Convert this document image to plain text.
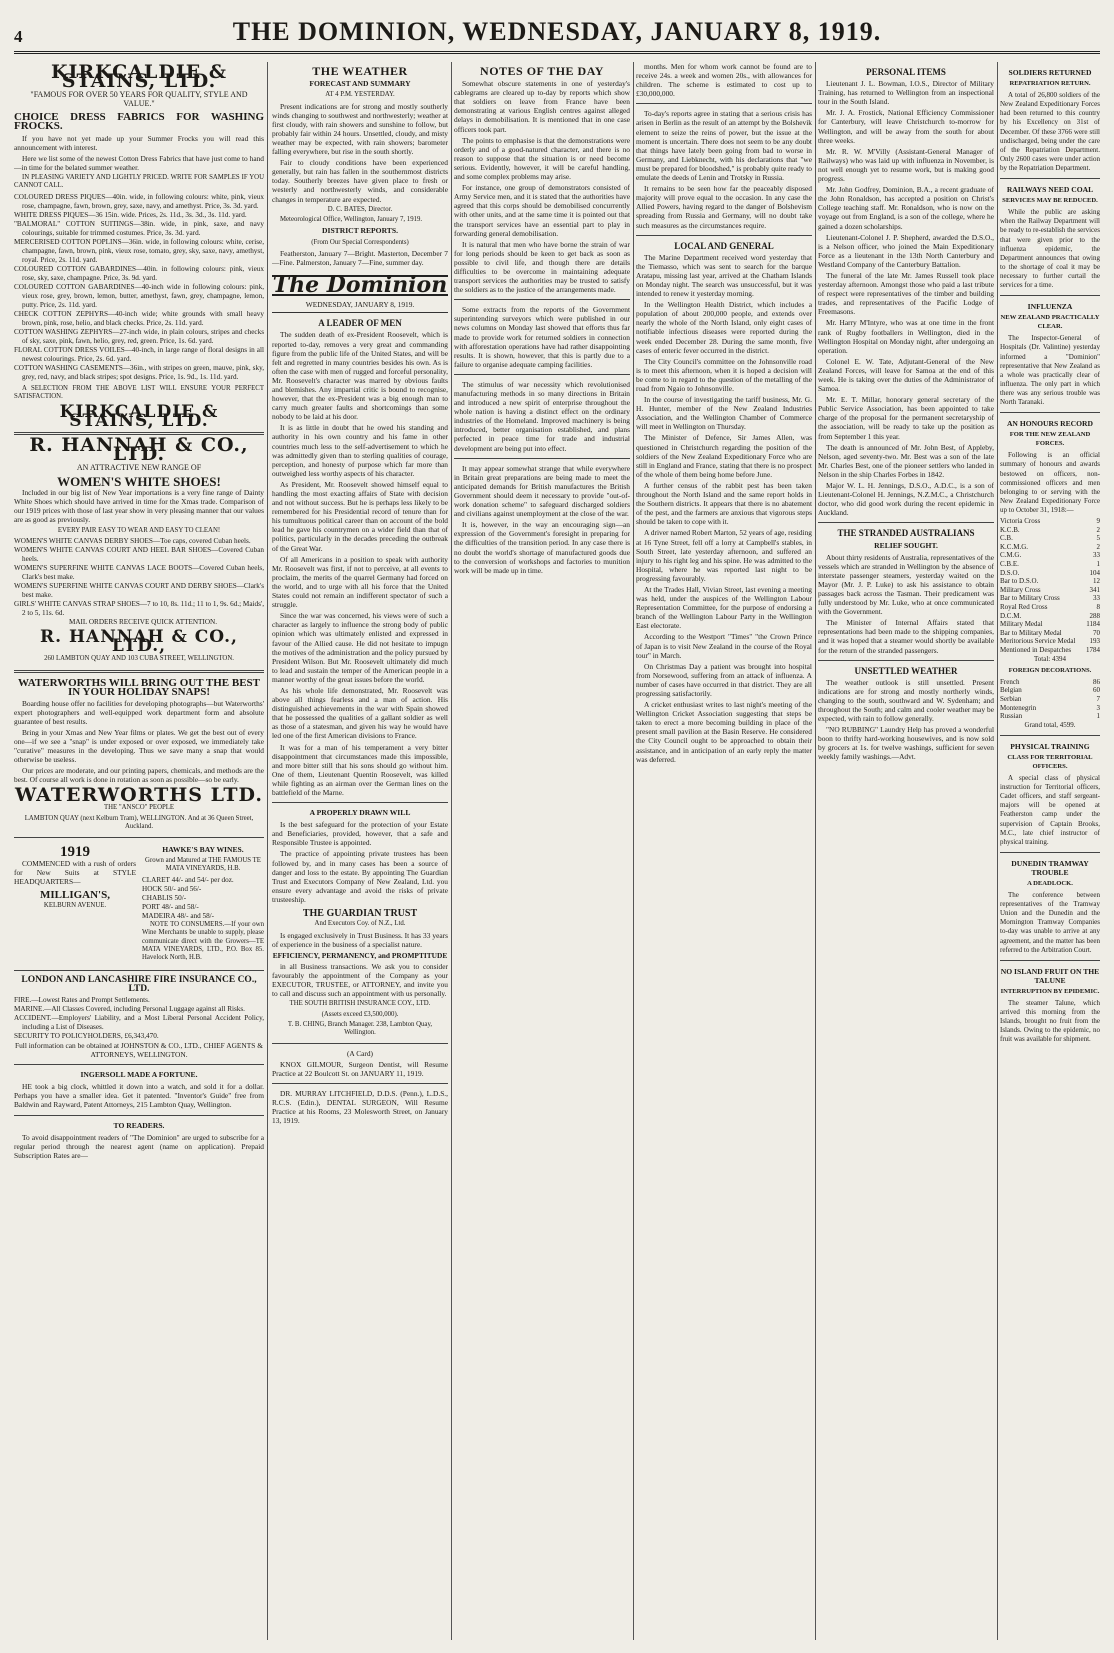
4	THE DOMINION, WEDNESDAY, JANUARY 8, 1919.
KIRKCALDIE & STAINS, LTD.
"FAMOUS FOR OVER 50 YEARS FOR QUALITY, STYLE AND VALUE."
CHOICE DRESS FABRICS FOR WASHING FROCKS.

If you have not yet made up your Summer Frocks you will read this announcement with interest.

Here we list some of the newest Cotton Dress Fabrics that have just come to hand—in time for the belated summer weather.

IN PLEASING VARIETY AND LIGHTLY PRICED. WRITE FOR SAMPLES IF YOU CANNOT CALL.

COLOURED DRESS PIQUES—40in. wide, in following colours: white, pink, vieux rose, champagne, fawn, brown, grey, saxe, navy, and amethyst. Price, 3s. 3d. yard.
WHITE DRESS PIQUES—36 15in. wide. Prices, 2s. 11d., 3s. 3d., 3s. 11d. yard.
"BALMORAL" COTTON SUITINGS—38in. wide, in pink, saxe, and navy colourings, suitable for trimmed costumes. Price, 3s. 3d. yard.
MERCERISED COTTON POPLINS—36in. wide, in following colours: white, cerise, champagne, fawn, brown, pink, vieux rose, tomato, grey, sky, saxe, navy, amethyst, royal. Price, 2s. 11d. yard.
COLOURED COTTON GABARDINES—40in. in following colours: pink, vieux rose, sky, saxe, champagne. Price, 3s. 9d. yard.
COLOURED COTTON GABARDINES—40-inch wide in following colours: pink, vieux rose, grey, brown, lemon, butter, amethyst, fawn, grey, champagne, lemon, putty. Price, 2s. 11d. yard.
CHECK COTTON ZEPHYRS—40-inch wide; white grounds with small heavy brown, pink, rose, helio, and black checks. Price, 2s. 11d. yard.
COTTON WASHING ZEPHYRS—27-inch wide, in plain colours, stripes and checks of sky, saxe, pink, fawn, helio, grey, red, green. Price, 1s. 6d. yard.
FLORAL COTTON DRESS VOILES—40-inch, in large range of floral designs in all newest colourings. Price, 2s. 6d. yard.
COTTON WASHING CASEMENTS—36in., with stripes on green, mauve, pink, sky, grey, red, navy, and black stripes; spot designs. Price, 1s. 9d., 1s. 11d. yard.

A SELECTION FROM THE ABOVE LIST WILL ENSURE YOUR PERFECT SATISFACTION.

KIRKCALDIE & STAINS, LTD.
R. HANNAH & CO., LTD.
AN ATTRACTIVE NEW RANGE OF
WOMEN'S WHITE SHOES!

Included in our big list of New Year importations is a very fine range of Dainty White Shoes which should have arrived in time for the Xmas trade. Comparison of our 1919 prices with those of last year show in very pleasing manner that our values are as good as previously.

EVERY PAIR EASY TO WEAR AND EASY TO CLEAN!

WOMEN'S WHITE CANVAS DERBY SHOES—Toe caps, covered Cuban heels.
WOMEN'S WHITE CANVAS COURT AND HEEL BAR SHOES—Covered Cuban heels.
WOMEN'S SUPERFINE WHITE CANVAS LACE BOOTS—Covered Cuban heels, Clark's best make.
WOMEN'S SUPERFINE WHITE CANVAS COURT AND DERBY SHOES—Clark's best make.
GIRLS' WHITE CANVAS STRAP SHOES—7 to 10, 8s. 11d.; 11 to 1, 9s. 6d.; Maids', 2 to 5, 11s. 6d.
MAIL ORDERS RECEIVE QUICK ATTENTION.
R. HANNAH & CO., LTD.,
260 LAMBTON QUAY AND 103 CUBA STREET, WELLINGTON.
WATERWORTHS WILL BRING OUT THE BEST IN YOUR HOLIDAY SNAPS!

Boarding house offer no facilities for developing photographs—but Waterworths' expert photographers and well-equipped work department form and absolute guarantee of best results.

Bring in your Xmas and New Year films or plates. We get the best out of every one—if we see a "snap" is under exposed or over exposed, we immediately take "curative" measures in the developing. Thus we save many a snap that would otherwise be useless.

Our prices are moderate, and our printing papers, chemicals, and methods are the best. Of course all work is done in rotation as soon as possible—so be early.

WATERWORTHS LTD.
THE "ANSCO" PEOPLE
LAMBTON QUAY (next Kelburn Tram), WELLINGTON. And at 36 Queen Street, Auckland.
1919

COMMENCED with a rush of orders for New Suits at STYLE HEADQUARTERS—

MILLIGAN'S,

KELBURN AVENUE.

HAWKE'S BAY WINES.

Grown and Matured at THE FAMOUS TE MATA VINEYARDS, H.B.

CLARET 44/- and 54/- per doz.
HOCK 50/- and 56/-
CHABLIS 50/-
PORT 48/- and 58/-
MADEIRA 48/- and 58/-

NOTE TO CONSUMERS.—If your own Wine Merchants be unable to supply, please communicate direct with the Growers—TE MATA VINEYARDS, LTD., P.O. Box 85. Havelock North, H.B.

LONDON AND LANCASHIRE FIRE INSURANCE CO., LTD.
FIRE.—Lowest Rates and Prompt Settlements.
MARINE.—All Classes Covered, including Personal Luggage against all Risks.
ACCIDENT.—Employers' Liability, and a Most Liberal Personal Accident Policy, including a List of Diseases.
SECURITY TO POLICYHOLDERS, £6,343,470.

Full information can be obtained at JOHNSTON & CO., LTD., CHIEF AGENTS & ATTORNEYS, WELLINGTON.

INGERSOLL MADE A FORTUNE.

HE took a big clock, whittled it down into a watch, and sold it for a dollar. Perhaps you have a smaller idea. Get it patented. "Inventor's Guide" free from Baldwin and Rayward, Patent Attorneys, 215 Lambton Quay, Wellington.

TO READERS.

To avoid disappointment readers of "The Dominion" are urged to subscribe for a regular period through the nearest agent (name on application). Prepaid Subscription Rates are—

THE WEATHER
FORECAST AND SUMMARY

AT 4 P.M. YESTERDAY.

Present indications are for strong and mostly southerly winds changing to southwest and northwesterly; weather at first cloudy, with rain showers and sunshine to follow, but probably fair within 24 hours. Unsettled, cloudy, and misty weather may be expected, with rain showers; barometer falling everywhere, but rise in the south shortly.

Fair to cloudy conditions have been experienced generally, but rain has fallen in the southernmost districts today. Southerly breezes have given place to fresh or westerly and northwesterly winds, and considerable changes in temperature are expected.

D. C. BATES, Director.

Meteorological Office, Wellington, January 7, 1919.

DISTRICT REPORTS.

(From Our Special Correspondents)

Featherston, January 7—Bright. Masterton, December 7—Fine. Palmerston, January 7—Fine, summer day.

The Dominion
WEDNESDAY, JANUARY 8, 1919.
A LEADER OF MEN

The sudden death of ex-President Roosevelt, which is reported to-day, removes a very great and commanding figure from the public life of the United States, and will be felt and regretted in many countries besides his own. As is often the case with men of rugged and forceful personality, Mr. Roosevelt's character was marred by obvious faults and blemishes. Any impartial critic is bound to recognise, however, that the ex-President was a big enough man to carry much greater faults and shortcomings than some nobody to be laid at his door.

It is as little in doubt that he owed his standing and authority in his own country and his fame in other countries much less to the self-advertisement to which he was admittedly given than to sterling qualities of courage, perception, and honesty of purpose which far more than outweighed less worthy aspects of his character.

As President, Mr. Roosevelt showed himself equal to handling the most exacting affairs of State with decision and not without success. But he is perhaps less likely to be remembered for his Presidential record of tenure than for his tumultuous political career than on account of the bold lead he gave his countrymen on a wider field than that of politics, particularly in the decades preceding the outbreak of the Great War.

Of all Americans in a position to speak with authority Mr. Roosevelt was first, if not to perceive, at all events to proclaim, the merits of the quarrel Germany had forced on the world, and to urge with all his force that the United States could not remain an indifferent spectator of such a struggle.

Since the war was concerned, his views were of such a character as largely to influence the strong body of public opinion which was ultimately enlisted and expressed in favour of the Allied cause. He did not hesitate to impugn the motives of the administration and the policy pursued by President Wilson. But Mr. Roosevelt ultimately did much to lead and sustain the temper of the American people in a manner worthy of the great issues before the world.

As his whole life demonstrated, Mr. Roosevelt was above all things fearless and a man of action. His distinguished achievements in the war with Spain showed that he possessed the qualities of a gallant soldier as well as those of a statesman, and given his way he would have led one of the first American divisions to France.

It was for a man of his temperament a very bitter disappointment that circumstances made this impossible, and more bitter still that his sons should go without him. One of them, Lieutenant Quentin Roosevelt, was killed while fighting as an airman over the German lines on the battlefield of the Marne.

A PROPERLY DRAWN WILL

Is the best safeguard for the protection of your Estate and Beneficiaries, provided, however, that a safe and Responsible Trustee is appointed.

The practice of appointing private trustees has been followed by, and in many cases has been a source of danger and loss to the estate. By appointing The Guardian Trust and Executors Company of New Zealand, Ltd. you ensure every advantage and avoid the risks of private trusteeship.

THE GUARDIAN TRUST

And Executors Coy. of N.Z., Ltd.

Is engaged exclusively in Trust Business. It has 33 years of experience in the business of a specialist nature.

EFFICIENCY, PERMANENCY, and PROMPTITUDE

in all Business transactions. We ask you to consider favourably the appointment of the Company as your EXECUTOR, TRUSTEE, or ATTORNEY, and invite you to call and discuss such an appointment with us personally.

THE SOUTH BRITISH INSURANCE COY., LTD.

(Assets exceed £3,500,000).

T. B. CHING, Branch Manager. 238, Lambton Quay, Wellington.

(A Card)

KNOX GILMOUR, Surgeon Dentist, will Resume Practice at 22 Boulcott St. on JANUARY 11, 1919.

DR. MURRAY LITCHFIELD, D.D.S. (Penn.), L.D.S., R.C.S. (Edin.), DENTAL SURGEON, Will Resume Practice at his Rooms, 23 Molesworth Street, on January 13, 1919.

NOTES OF THE DAY

Somewhat obscure statements in one of yesterday's cablegrams are cleared up to-day by reports which show that soldiers on leave from France have been demonstrating at various English centres against alleged delays in demobilisation. It is mentioned that in one case officers took part.

The points to emphasise is that the demonstrations were orderly and of a good-natured character, and there is no reason to suppose that the situation is or need become serious. Evidently, however, it will be careful handling, and some complex problems may arise.

For instance, one group of demonstrators consisted of Army Service men, and it is stated that the authorities have agreed that this corps should be demobilised concurrently with other units, and at the same time it is pointed out that the transport services have an essential part to play in forwarding general demobilisation.

It is natural that men who have borne the strain of war for long periods should be keen to get back as soon as possible to civil life, and though there are details difficulties to be overcome in maintaining adequate transport services the authorities may be trusted to satisfy the soldiers as to the justice of the arrangements made.

Some extracts from the reports of the Government superintending surveyors which were published in our news columns on Monday last showed that efforts thus far made to provide work for returned soldiers in connection with afforestation operations have had rather disappointing results. It is shown, however, that this is partly due to a failure to organise adequate camping facilities.

The stimulus of war necessity which revolutionised manufacturing methods in so many directions in Britain and introduced a new spirit of enterprise throughout the whole nation is having a distinct effect on the ordinary industries of the Homeland. Improved machinery is being introduced, better organisation established, and plans perfected in peace time for trade and industrial development are being put into effect.

It may appear somewhat strange that while everywhere in Britain great preparations are being made to meet the anticipated demands for British manufactures the British Government should deem it necessary to provide "out-of-work donation scheme" to safeguard discharged soldiers and civilians against unemployment at the close of the war.

It is, however, in the way an encouraging sign—an expression of the Government's foresight in preparing for the difficulties of the transition period. In any case there is no doubt the world's shortage of manufactured goods due to the conversion of workshops and factories to munition work will be made up in time.

months. Men for whom work cannot be found are to receive 24s. a week and women 20s., with allowances for children. The scheme is estimated to cost up to £30,000,000.

To-day's reports agree in stating that a serious crisis has arisen in Berlin as the result of an attempt by the Bolshevik element to seize the reins of power, but the issue at the moment is uncertain. There does not seem to be any doubt that things have lately been going from bad to worse in Germany, and Liebknecht, with his declarations that "we must be prepared for bloodshed," is probably quite ready to emulate the deeds of Lenin and Trotsky in Russia.

It remains to be seen how far the peaceably disposed majority will prove equal to the occasion. In any case the Allied Powers, having regard to the danger of Bolshevism spreading from Russia and Germany, will no doubt take such measures as the circumstances require.

LOCAL AND GENERAL

The Marine Department received word yesterday that the Tiemasso, which was sent to search for the barque Aratapu, missing last year, arrived at the Chatham Islands on Monday night. The search was unsuccessful, but it was intended to renew it yesterday morning.

In the Wellington Health District, which includes a population of about 200,000 people, and extends over nearly the whole of the North Island, only eight cases of notifiable infectious diseases were reported during the week ended December 28. During the same month, five cases of enteric fever occurred in the district.

The City Council's committee on the Johnsonville road is to meet this afternoon, when it is hoped a decision will be come to in regard to the question of the metalling of the road from Ngaio to Johnsonville.

In the course of investigating the tariff business, Mr. G. H. Hunter, member of the New Zealand Industries Association, and the Wellington Chamber of Commerce will meet in Wellington on Thursday.

The Minister of Defence, Sir James Allen, was questioned in Christchurch regarding the position of the soldiers of the New Zealand Expeditionary Force who are still in England and France, stating that there is no prospect of the whole of them being home before June.

A further census of the rabbit pest has been taken throughout the North Island and the same report holds in the Southern districts. It appears that there is no abatement of the pest, and the farmers are anxious that vigorous steps should be taken to cope with it.

A driver named Robert Marton, 52 years of age, residing at 16 Tyne Street, fell off a lorry at Campbell's stables, in South Street, late yesterday afternoon, and suffered an injury to his right leg and his spine. He was admitted to the Hospital, where he was reported last night to be progressing favourably.

At the Trades Hall, Vivian Street, last evening a meeting was held, under the auspices of the Wellington Labour Representation Committee, for the purpose of endorsing a branch of the Wellington Labour Party in the Wellington East electorate.

According to the Westport "Times" "the Crown Prince of Japan is to visit New Zealand in the course of the Royal tour" in March.

On Christmas Day a patient was brought into hospital from Norsewood, suffering from an attack of influenza. A number of cases have occurred in that district. They are all progressing satisfactorily.

A cricket enthusiast writes to last night's meeting of the Wellington Cricket Association suggesting that steps be taken to erect a more becoming building in place of the present small pavilion at the Basin Reserve. He considered the City Council ought to be approached to obtain their assistance, and in anticipation of an early reply the matter was deferred.

PERSONAL ITEMS

Lieutenant J. L. Bowman, I.O.S., Director of Military Training, has returned to Wellington from an inspectional tour in the South Island.

Mr. J. A. Frostick, National Efficiency Commissioner for Canterbury, will leave Christchurch to-morrow for Wellington, and will be away from the south for about three weeks.

Mr. R. W. M'Villy (Assistant-General Manager of Railways) who was laid up with influenza in November, is not well enough yet to resume work, but is making good progress.

Mr. John Godfrey, Dominion, B.A., a recent graduate of the John Ronaldson, has accepted a position on Christ's College teaching staff. Mr. Ronaldson, who is now on the voyage out from England, is a son of the college, where he gained a dozen scholarships.

Lieutenant-Colonel J. P. Shepherd, awarded the D.S.O., is a Nelson officer, who joined the Main Expeditionary Force as a lieutenant in the 13th North Canterbury and Westland Company of the Canterbury Battalion.

The funeral of the late Mr. James Russell took place yesterday afternoon. Amongst those who paid a last tribute of respect were representatives of the timber and building trades, and representatives of the Pacific Lodge of Freemasons.

Mr. Harry M'Intyre, who was at one time in the front rank of Rugby footballers in Wellington, died in the Wellington Hospital on Monday night, after undergoing an operation.

Colonel E. W. Tate, Adjutant-General of the New Zealand Forces, will leave for Samoa at the end of this week. He is taking over the duties of the Administrator of Samoa.

Mr. E. T. Millar, honorary general secretary of the Public Service Association, has been appointed to take charge of the proposal for the permanent secretaryship of the association, will be ready to take up the position as from September 1 this year.

The death is announced of Mr. John Best, of Appleby, Nelson, aged seventy-two. Mr. Best was a son of the late Mr. Charles Best, one of the pioneer settlers who landed in Nelson in the ship Charles Forbes in 1842.

Major W. L. H. Jennings, D.S.O., A.D.C., is a son of Lieutenant-Colonel H. Jennings, N.Z.M.C., a Christchurch doctor, who did good work during the recent epidemic in Auckland.

THE STRANDED AUSTRALIANS
RELIEF SOUGHT.

About thirty residents of Australia, representatives of the vessels which are stranded in Wellington by the absence of interstate passenger steamers, yesterday waited on the Mayor (Mr. J. P. Luke) to ask his assistance to obtain passages back across the Tasman. Their predicament was fully understood by Mr. Luke, who at once communicated with the Government.

The Minister of Internal Affairs stated that representations had been made to the shipping companies, and it was hoped that a steamer would shortly be available for the return of the stranded passengers.

UNSETTLED WEATHER

The weather outlook is still unsettled. Present indications are for strong and mostly northerly winds, changing to the south, southward and W. Sydenham; and throughout the South; and calm and cooler weather may be expected, with rain to follow generally.

"NO RUBBING" Laundry Help has proved a wonderful boon to thrifty hard-working housewives, and is now sold by grocers at 1s. for twelve washings, sufficient for seven weekly family washings.—Advt.

SOLDIERS RETURNED
REPATRIATION RETURN.

A total of 26,800 soldiers of the New Zealand Expeditionary Forces had been returned to this country by his Excellency on 31st of December. Of these 3766 were still undischarged, being under the care of the Repatriation Department. Only 2600 cases were under action by the Repatriation Department.

RAILWAYS NEED COAL
SERVICES MAY BE REDUCED.

While the public are asking when the Railway Department will be ready to re-establish the services that were given prior to the influenza epidemic, the Department announces that owing to the shortage of coal it may be necessary to further curtail the services for a time.

INFLUENZA
NEW ZEALAND PRACTICALLY CLEAR.

The Inspector-General of Hospitals (Dr. Valintine) yesterday informed a "Dominion" representative that New Zealand as a whole was practically clear of influenza. The only part in which there was any serious trouble was North Taranaki.

AN HONOURS RECORD
FOR THE NEW ZEALAND FORCES.

Following is an official summary of honours and awards bestowed on officers, non-commissioned officers and men belonging to or serving with the New Zealand Expeditionary Force up to October 31, 1918:—

Victoria Cross	9
K.C.B.	2
C.B.	5
K.C.M.G.	2
C.M.G.	33
C.B.E.	1
D.S.O.	104
Bar to D.S.O.	12
Military Cross	341
Bar to Military Cross	33
Royal Red Cross	8
D.C.M.	288
Military Medal	1184
Bar to Military Medal	70
Meritorious Service Medal	193
Mentioned in Despatches	1784

Total: 4394

FOREIGN DECORATIONS.
French	86
Belgian	60
Serbian	7
Montenegrin	3
Russian	1

Grand total, 4599.

PHYSICAL TRAINING
CLASS FOR TERRITORIAL OFFICERS.

A special class of physical instruction for Territorial officers, Cadet officers, and staff sergeant-majors will be opened at Featherston camp under the supervision of Captain Brooks, M.C., late chief instructor of physical training.

DUNEDIN TRAMWAY TROUBLE
A DEADLOCK.

The conference between representatives of the Tramway Union and the Dunedin and the Mornington Tramway Companies to-day was unable to arrive at any agreement, and the matter has been referred to the Arbitration Court.

NO ISLAND FRUIT ON THE TALUNE
INTERRUPTION BY EPIDEMIC.

The steamer Talune, which arrived this morning from the Islands, brought no fruit from the Islands. Owing to the epidemic, no fruit was available for shipment.
